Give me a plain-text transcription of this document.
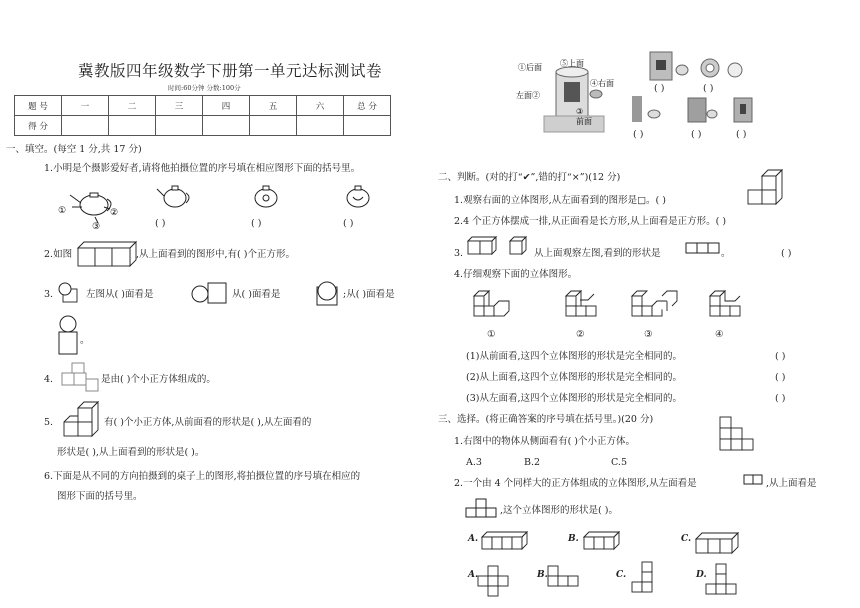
冀教版四年级数学下册第一单元达标测试卷
时间:60分钟 分数:100分
题 号	一	二	三	四	五	六	总 分
得 分							
一、填空。(每空 1 分,共 17 分)
1.小明是个摄影爱好者,请将他拍摄位置的序号填在相应图形下面的括号里。
①	②
③	( )	( )	( )
2.如图	,从上面看到的图形中,有( )个正方形。
3.	左图从( )面看是	从( )面看是	;从( )面看是
。
4.	是由( )个小正方体组成的。
5.	有( )个小正方体,从前面看的形状是( ),从左面看的
形状是( ),从上面看到的形状是( )。
6.下面是从不同的方向拍摄到的桌子上的图形,将拍摄位置的序号填在相应的
图形下面的括号里。
①后面 ⑤上面
④右面
左面②
③
前面
( )	( )
( )	( )	( )
二、判断。(对的打“✔”,错的打“×”)(12 分)
1.观察右面的立体图形,从左面看到的图形是□。( )
2.4 个正方体摆成一排,从正面看是长方形,从上面看是正方形。( )
3.	从上面观察左图,看到的形状是	。	( )
4.仔细观察下面的立体图形。
①	②	③	④
(1)从前面看,这四个立体图形的形状是完全相同的。	( )
(2)从上面看,这四个立体图形的形状是完全相同的。	( )
(3)从左面看,这四个立体图形的形状是完全相同的。	( )
三、选择。(将正确答案的序号填在括号里。)(20 分)
1.右图中的物体从侧面看有( )个小正方体。
A.3	B.2	C.5
2.一个由 4 个同样大的正方体组成的立体图形,从左面看是	,从上面看是
,这个立体图形的形状是( )。
A.	B.	C.
A.	B.	C.	D.
